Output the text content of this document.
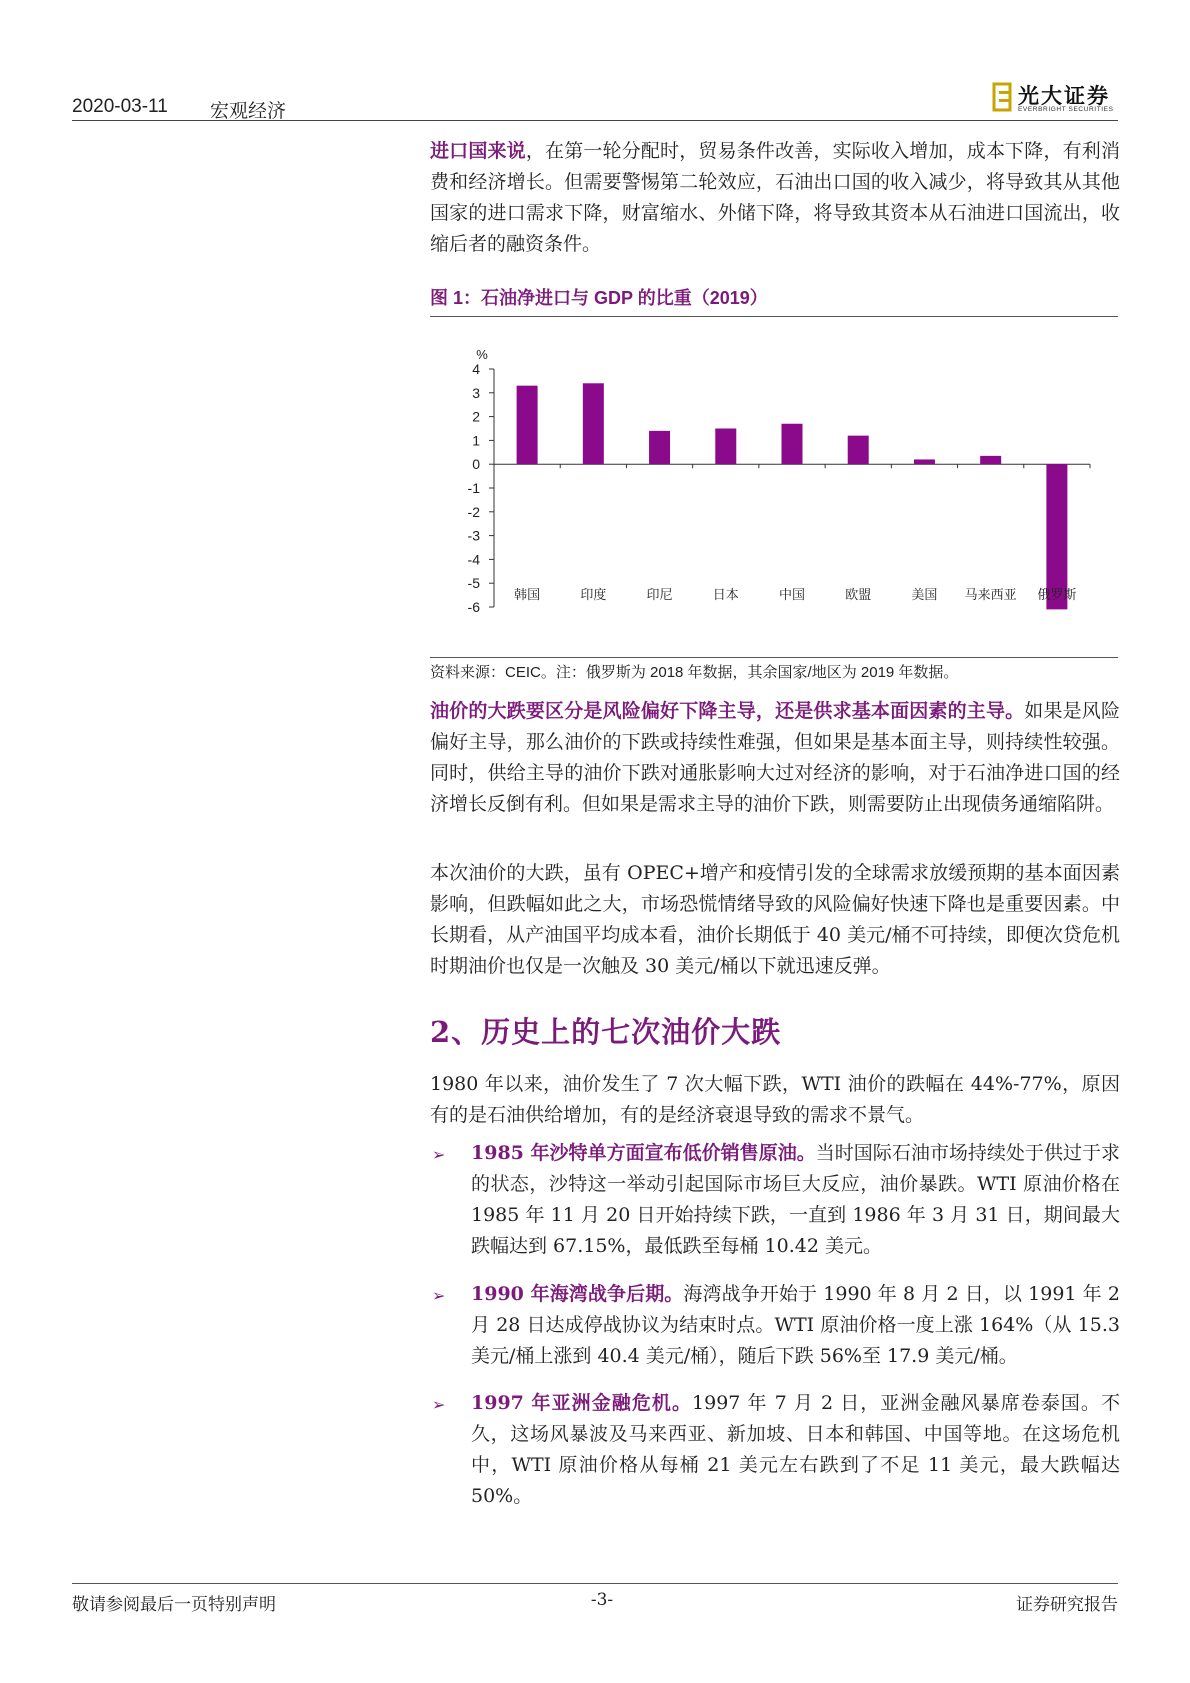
2020-03-11 宏观经济
光大证券
EVERBRIGHT SECURITIES

进口国来说，在第一轮分配时，贸易条件改善，实际收入增加，成本下降，有利消费和经济增长。但需要警惕第二轮效应，石油出口国的收入减少，将导致其从其他国家的进口需求下降，财富缩水、外储下降，将导致其资本从石油进口国流出，收缩后者的融资条件。

图 1：石油净进口与 GDP 的比重（2019）
%
4
3
2
1
0
-1
-2
-3
-4
-5
-6
韩国	印度	印尼	日本	中国	欧盟	美国 马来西亚 俄罗斯
资料来源：CEIC。注：俄罗斯为 2018 年数据，其余国家/地区为 2019 年数据。

油价的大跌要区分是风险偏好下降主导，还是供求基本面因素的主导。如果是风险偏好主导，那么油价的下跌或持续性难强，但如果是基本面主导，则持续性较强。同时，供给主导的油价下跌对通胀影响大过对经济的影响，对于石油净进口国的经济增长反倒有利。但如果是需求主导的油价下跌，则需要防止出现债务通缩陷阱。

本次油价的大跌，虽有 OPEC+增产和疫情引发的全球需求放缓预期的基本面因素影响，但跌幅如此之大，市场恐慌情绪导致的风险偏好快速下降也是重要因素。中长期看，从产油国平均成本看，油价长期低于 40 美元/桶不可持续，即便次贷危机时期油价也仅是一次触及 30 美元/桶以下就迅速反弹。

2、历史上的七次油价大跌

1980 年以来，油价发生了 7 次大幅下跌，WTI 油价的跌幅在 44%-77%，原因有的是石油供给增加，有的是经济衰退导致的需求不景气。

➢ 1985 年沙特单方面宣布低价销售原油。当时国际石油市场持续处于供过于求的状态，沙特这一举动引起国际市场巨大反应，油价暴跌。WTI 原油价格在 1985 年 11 月 20 日开始持续下跌，一直到 1986 年 3 月 31 日，期间最大跌幅达到 67.15%，最低跌至每桶 10.42 美元。

➢ 1990 年海湾战争后期。海湾战争开始于 1990 年 8 月 2 日，以 1991 年 2 月 28 日达成停战协议为结束时点。WTI 原油价格一度上涨 164%（从 15.3 美元/桶上涨到 40.4 美元/桶），随后下跌 56%至 17.9 美元/桶。

➢ 1997 年亚洲金融危机。1997 年 7 月 2 日，亚洲金融风暴席卷泰国。不久，这场风暴波及马来西亚、新加坡、日本和韩国、中国等地。在这场危机中，WTI 原油价格从每桶 21 美元左右跌到了不足 11 美元，最大跌幅达 50%。

敬请参阅最后一页特别声明	-3-	证券研究报告
